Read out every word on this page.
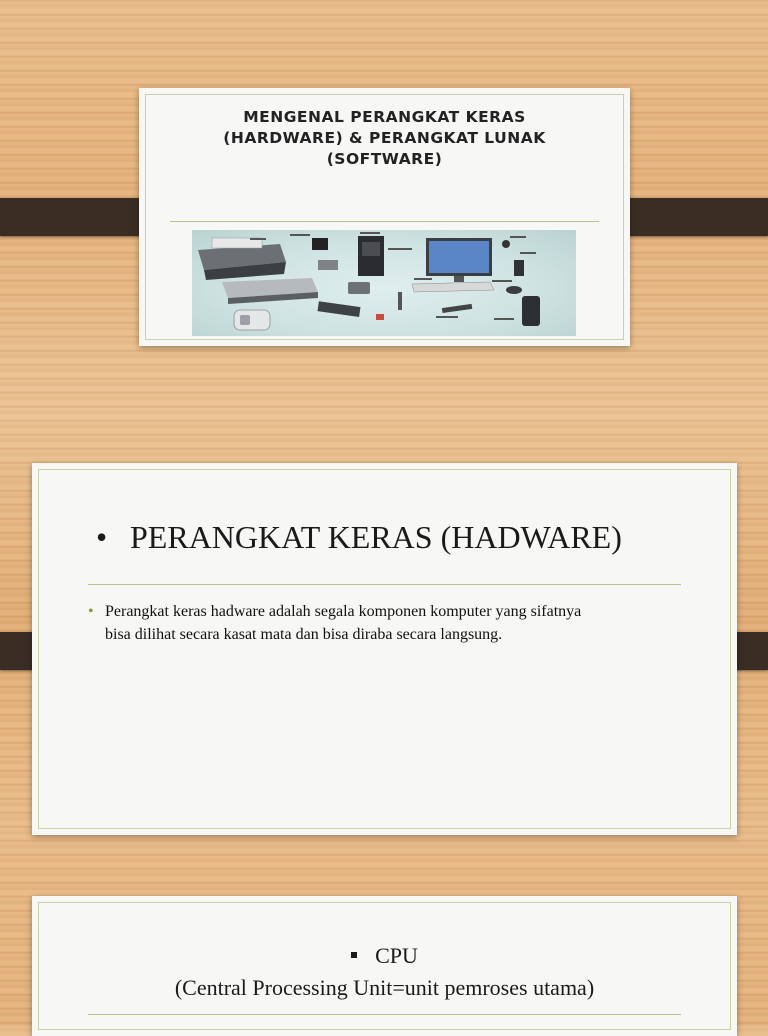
MENGENAL PERANGKAT KERAS
(HARDWARE) & PERANGKAT LUNAK
(SOFTWARE)
• PERANGKAT KERAS (HADWARE)
• Perangkat keras hadware adalah segala komponen komputer yang sifatnya
bisa dilihat secara kasat mata dan bisa diraba secara langsung.
CPU
(Central Processing Unit=unit pemroses utama)
